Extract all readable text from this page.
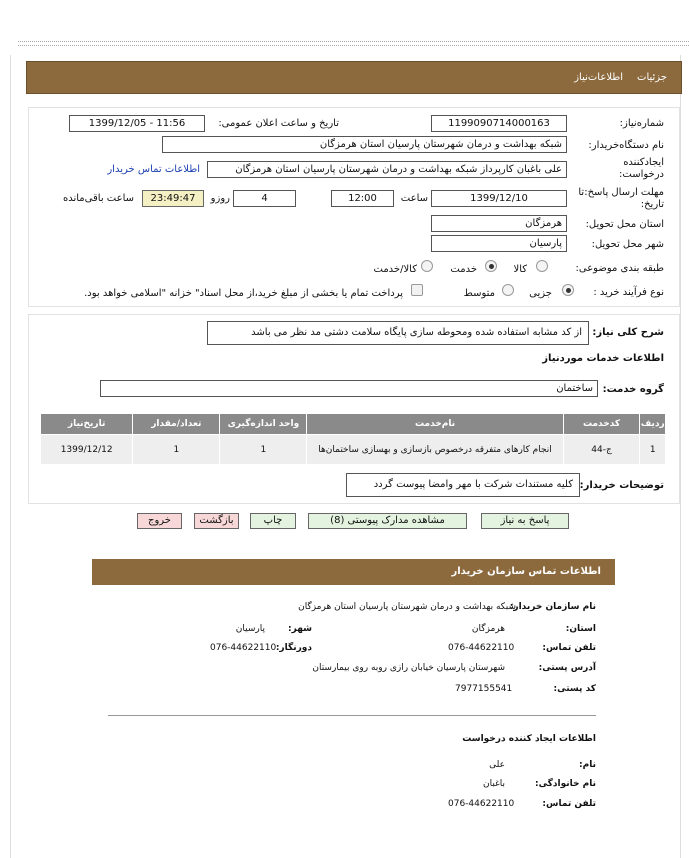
جزئیات
اطلاعات‌نیاز
شماره‌نیاز:
1199090714000163
تاریخ و ساعت اعلان عمومی:
1399/12/05 - 11:56
نام دستگاه‌خریدار:
شبکه بهداشت و درمان شهرستان پارسیان استان هرمزگان
ایجادکننده
درخواست:
علی باغبان کارپرداز شبکه بهداشت و درمان شهرستان پارسیان استان هرمزگان
اطلاعات تماس خریدار
مهلت ارسال پاسخ:تا
تاریخ:
1399/12/10
ساعت
12:00
4
روزو
23:49:47
ساعت باقی‌مانده
استان محل تحویل:
هرمزگان
شهر محل تحویل:
پارسیان
طبقه بندی موضوعی:
کالا
خدمت
کالا/خدمت
نوع فرآیند خرید :
جزیی
متوسط
پرداخت تمام یا بخشی از مبلغ خرید،از محل اسناد" خزانه "اسلامی خواهد بود.
شرح کلی نیاز:
از کد مشابه استفاده شده ومحوطه سازی پایگاه سلامت دشتی مد نظر می باشد
اطلاعات خدمات موردنیاز
گروه خدمت:
ساختمان
ردیف	کدخدمت	نام‌خدمت	واحد اندازه‌گیری	تعداد/مقدار	تاریخ‌نیاز
1	ج-44	انجام کارهای متفرقه درخصوص بازسازی و بهسازی ساختمان‌ها	1	1	1399/12/12
توضیحات خریدار:
کلیه مستندات شرکت با مهر وامضا پیوست گردد
پاسخ به نیاز
مشاهده مدارک پیوستی (8)
چاپ
بازگشت
خروج
اطلاعات تماس سازمان خریدار
نام سازمان خریدار:
شبکه بهداشت و درمان شهرستان پارسیان استان هرمزگان
استان:
هرمزگان
شهر:
پارسیان
تلفن تماس:
076-44622110
دورنگار:
076-44622110
آدرس پستی:
شهرستان پارسیان خیابان رازی روبه روی بیمارستان
کد پستی:
7977155541
اطلاعات ایجاد کننده درخواست
نام:
علی
نام خانوادگی:
باغبان
تلفن تماس:
076-44622110
